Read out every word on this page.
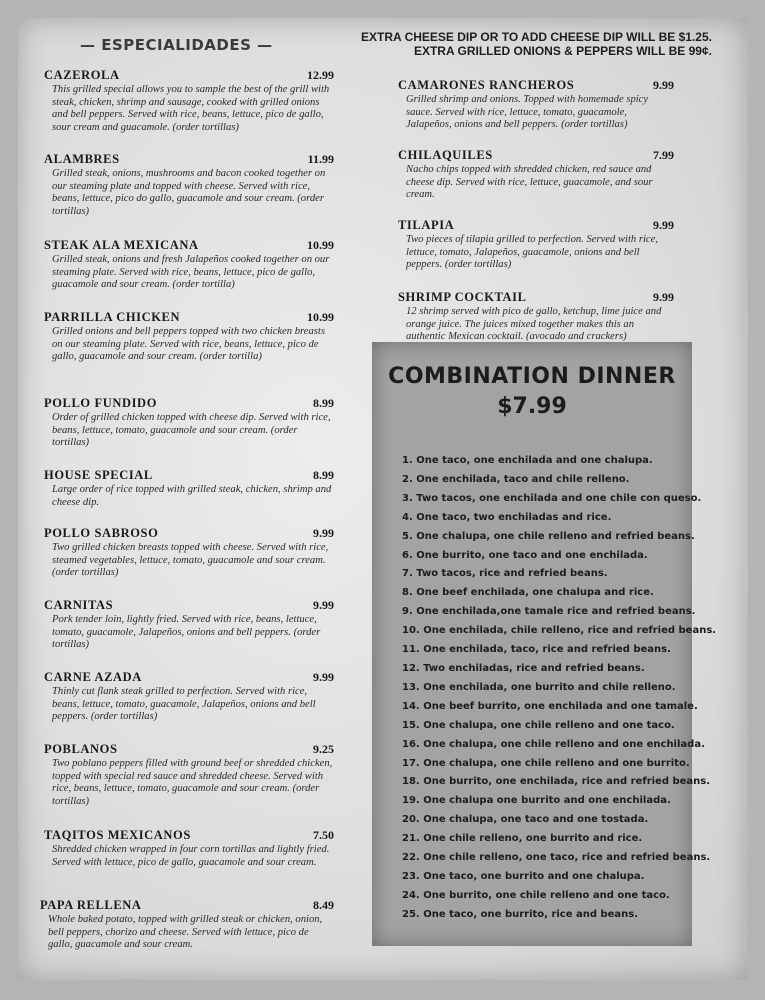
— ESPECIALIDADES —	EXTRA CHEESE DIP OR TO ADD CHEESE DIP WILL BE $1.25.
EXTRA GRILLED ONIONS & PEPPERS WILL BE 99¢.
CAZEROLA	12.99
This grilled special allows you to sample the best of the grill with steak, chicken, shrimp and sausage, cooked with grilled onions and bell peppers. Served with rice, beans, lettuce, pico de gallo, sour cream and guacamole. (order tortillas)
ALAMBRES	11.99
Grilled steak, onions, mushrooms and bacon cooked together on our steaming plate and topped with cheese. Served with rice, beans, lettuce, pico do gallo, guacamole and sour cream. (order tortillas)
STEAK ALA MEXICANA	10.99
Grilled steak, onions and fresh Jalapeños cooked together on our steaming plate. Served with rice, beans, lettuce, pico de gallo, guacamole and sour cream. (order tortilla)
PARRILLA CHICKEN	10.99
Grilled onions and bell peppers topped with two chicken breasts on our steaming plate. Served with rice, beans, lettuce, pico de gallo, guacamole and sour cream. (order tortilla)
POLLO FUNDIDO	8.99
Order of grilled chicken topped with cheese dip. Served with rice, beans, lettuce, tomato, guacamole and sour cream. (order tortillas)
HOUSE SPECIAL	8.99
Large order of rice topped with grilled steak, chicken, shrimp and cheese dip.
POLLO SABROSO	9.99
Two grilled chicken breasts topped with cheese. Served with rice, steamed vegetables, lettuce, tomato, guacamole and sour cream. (order tortillas)
CARNITAS	9.99
Pork tender loin, lightly fried. Served with rice, beans, lettuce, tomato, guacamole, Jalapeños, onions and bell peppers. (order tortillas)
CARNE AZADA	9.99
Thinly cut flank steak grilled to perfection. Served with rice, beans, lettuce, tomato, guacamole, Jalapeños, onions and bell peppers. (order tortillas)
POBLANOS	9.25
Two poblano peppers filled with ground beef or shredded chicken, topped with special red sauce and shredded cheese. Served with rice, beans, lettuce, tomato, guacamole and sour cream. (order tortillas)
TAQITOS MEXICANOS	7.50
Shredded chicken wrapped in four corn tortillas and lightly fried. Served with lettuce, pico de gallo, guacamole and sour cream.
PAPA RELLENA	8.49
Whole baked potato, topped with grilled steak or chicken, onion, bell peppers, chorizo and cheese. Served with lettuce, pico de gallo, guacamole and sour cream.
CAMARONES RANCHEROS	9.99
Grilled shrimp and onions. Topped with homemade spicy sauce. Served with rice, lettuce, tomato, guacamole, Jalapeños, onions and bell peppers. (order tortillas)
CHILAQUILES	7.99
Nacho chips topped with shredded chicken, red sauce and cheese dip. Served with rice, lettuce, guacamole, and sour cream.
TILAPIA	9.99
Two pieces of tilapia grilled to perfection. Served with rice, lettuce, tomato, Jalapeños, guacamole, onions and bell peppers. (order tortillas)
SHRIMP COCKTAIL	9.99
12 shrimp served with pico de gallo, ketchup, lime juice and orange juice. The juices mixed together makes this an authentic Mexican cocktail. (avocado and crackers)
COMBINATION DINNER
$7.99
1. One taco, one enchilada and one chalupa.
2. One enchilada, taco and chile relleno.
3. Two tacos, one enchilada and one chile con queso.
4. One taco, two enchiladas and rice.
5. One chalupa, one chile relleno and refried beans.
6. One burrito, one taco and one enchilada.
7. Two tacos, rice and refried beans.
8. One beef enchilada, one chalupa and rice.
9. One enchilada,one tamale rice and refried beans.
10. One enchilada, chile relleno, rice and refried beans.
11. One enchilada, taco, rice and refried beans.
12. Two enchiladas, rice and refried beans.
13. One enchilada, one burrito and chile relleno.
14. One beef burrito, one enchilada and one tamale.
15. One chalupa, one chile relleno and one taco.
16. One chalupa, one chile relleno and one enchilada.
17. One chalupa, one chile relleno and one burrito.
18. One burrito, one enchilada, rice and refried beans.
19. One chalupa one burrito and one enchilada.
20. One chalupa, one taco and one tostada.
21. One chile relleno, one burrito and rice.
22. One chile relleno, one taco, rice and refried beans.
23. One taco, one burrito and one chalupa.
24. One burrito, one chile relleno and one taco.
25. One taco, one burrito, rice and beans.
